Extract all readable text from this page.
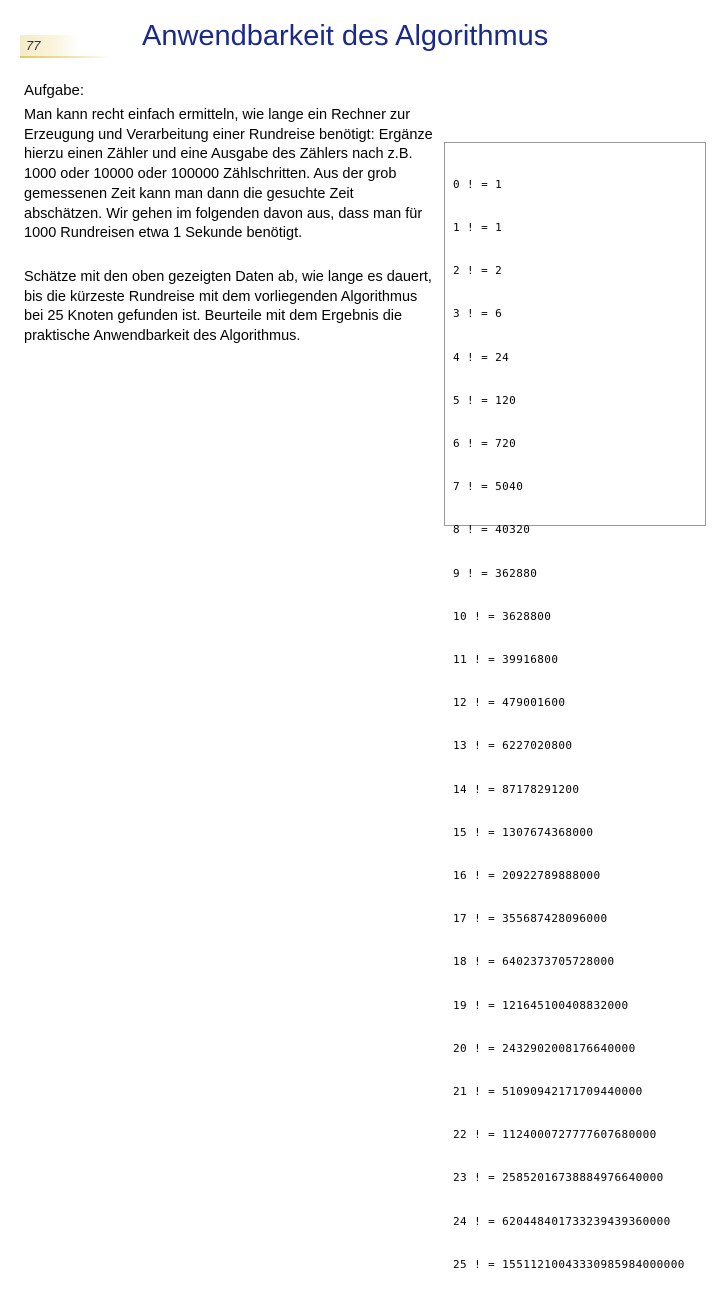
77	Anwendbarkeit des Algorithmus
Aufgabe:

Man kann recht einfach ermitteln, wie lange ein Rechner zur Erzeugung und Verarbeitung einer Rundreise benötigt: Ergänze hierzu einen Zähler und eine Ausgabe des Zählers nach z.B. 1000 oder 10000 oder 100000 Zählschritten. Aus der grob gemessenen Zeit kann man dann die gesuchte Zeit abschätzen. Wir gehen im folgenden davon aus, dass man für 1000 Rundreisen etwa 1 Sekunde benötigt.

Schätze mit den oben gezeigten Daten ab, wie lange es dauert, bis die kürzeste Rundreise mit dem vorliegenden Algorithmus bei 25 Knoten gefunden ist. Beurteile mit dem Ergebnis die praktische Anwendbarkeit des Algorithmus.

0 ! = 1

1 ! = 1

2 ! = 2

3 ! = 6

4 ! = 24

5 ! = 120

6 ! = 720

7 ! = 5040

8 ! = 40320

9 ! = 362880

10 ! = 3628800

11 ! = 39916800

12 ! = 479001600

13 ! = 6227020800

14 ! = 87178291200

15 ! = 1307674368000

16 ! = 20922789888000

17 ! = 355687428096000

18 ! = 6402373705728000

19 ! = 121645100408832000

20 ! = 2432902008176640000

21 ! = 51090942171709440000

22 ! = 1124000727777607680000

23 ! = 25852016738884976640000

24 ! = 620448401733239439360000

25 ! = 15511210043330985984000000
